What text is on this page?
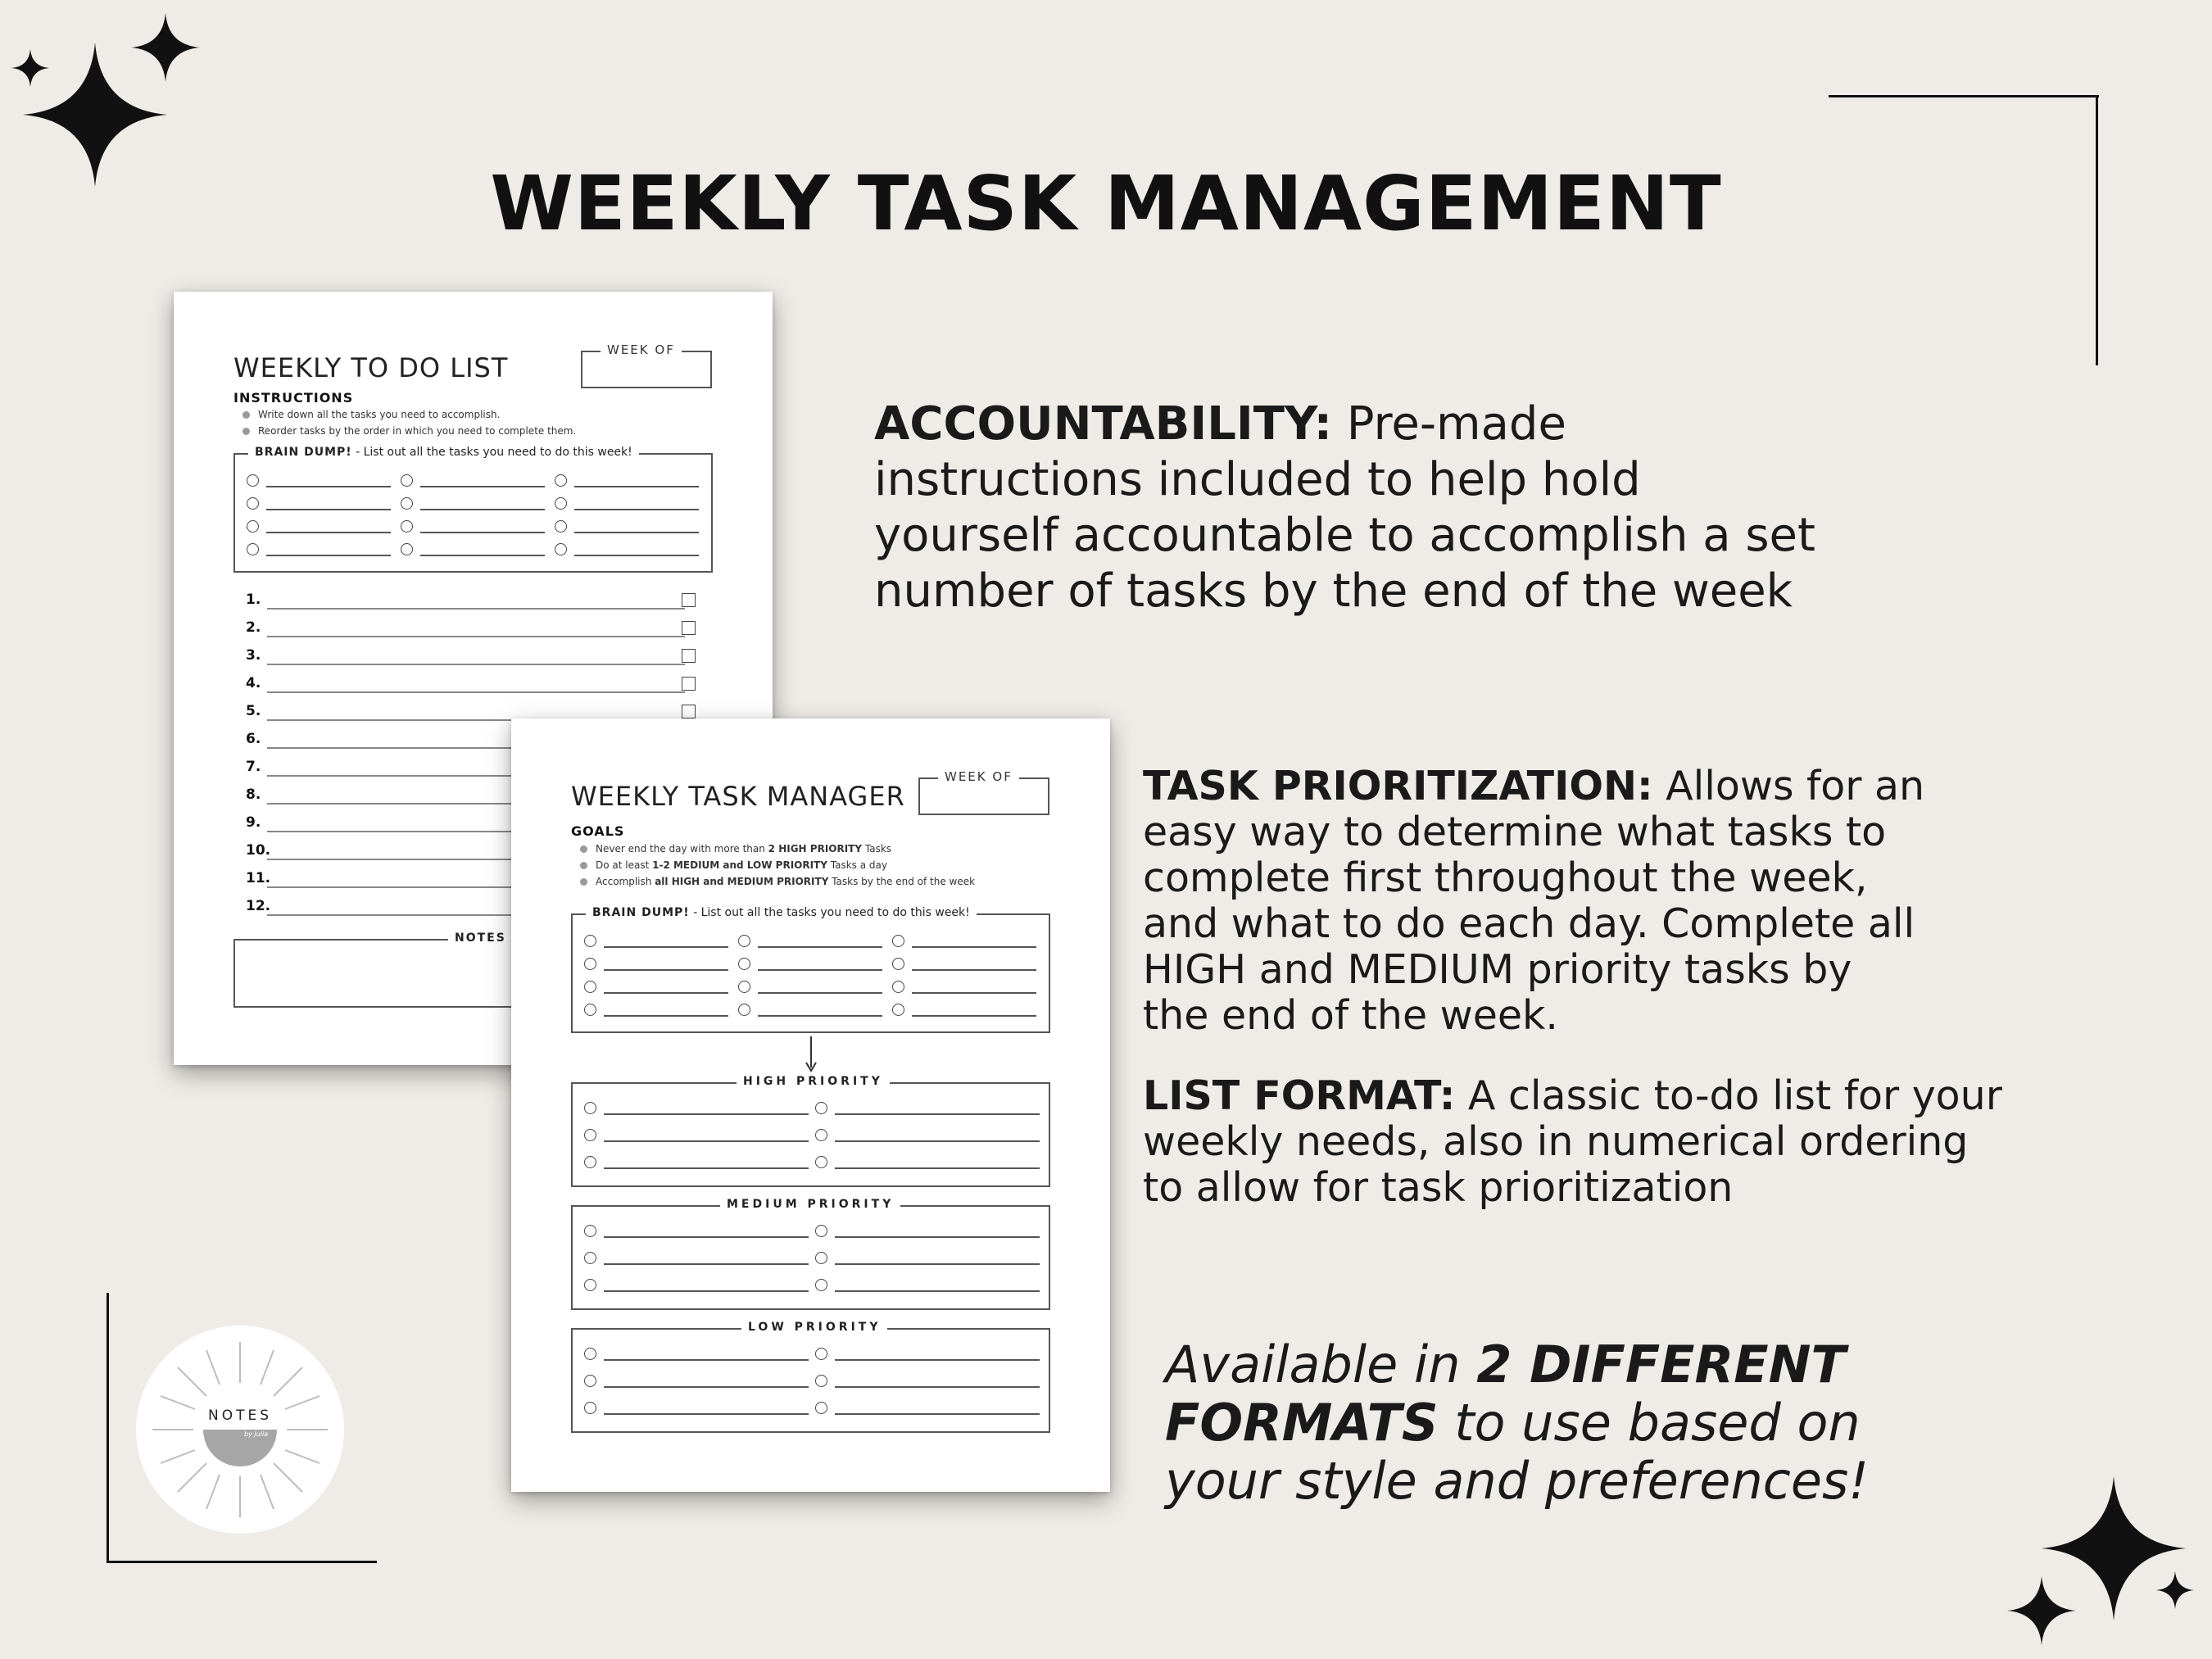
WEEKLY TASK MANAGEMENT
WEEKLY TO DO LIST
WEEK OF
INSTRUCTIONS
Write down all the tasks you need to accomplish.
Reorder tasks by the order in which you need to complete them.
BRAIN DUMP! - List out all the tasks you need to do this week!
1.
2.
3.
4.
5.
6.
7.
8.
9.
10.
11.
12.
NOTES
WEEKLY TASK MANAGER
WEEK OF
GOALS
Never end the day with more than 2 HIGH PRIORITY Tasks
Do at least 1-2 MEDIUM and LOW PRIORITY Tasks a day
Accomplish all HIGH and MEDIUM PRIORITY Tasks by the end of the week
BRAIN DUMP! - List out all the tasks you need to do this week!
HIGH PRIORITY
MEDIUM PRIORITY
LOW PRIORITY
ACCOUNTABILITY: Pre-made
instructions included to help hold
yourself accountable to accomplish a set
number of tasks by the end of the week
TASK PRIORITIZATION: Allows for an
easy way to determine what tasks to
complete first throughout the week,
and what to do each day. Complete all
HIGH and MEDIUM priority tasks by
the end of the week.
LIST FORMAT: A classic to-do list for your
weekly needs, also in numerical ordering
to allow for task prioritization
Available in 2 DIFFERENT
FORMATS to use based on
your style and preferences!
NOTES
by Julia
